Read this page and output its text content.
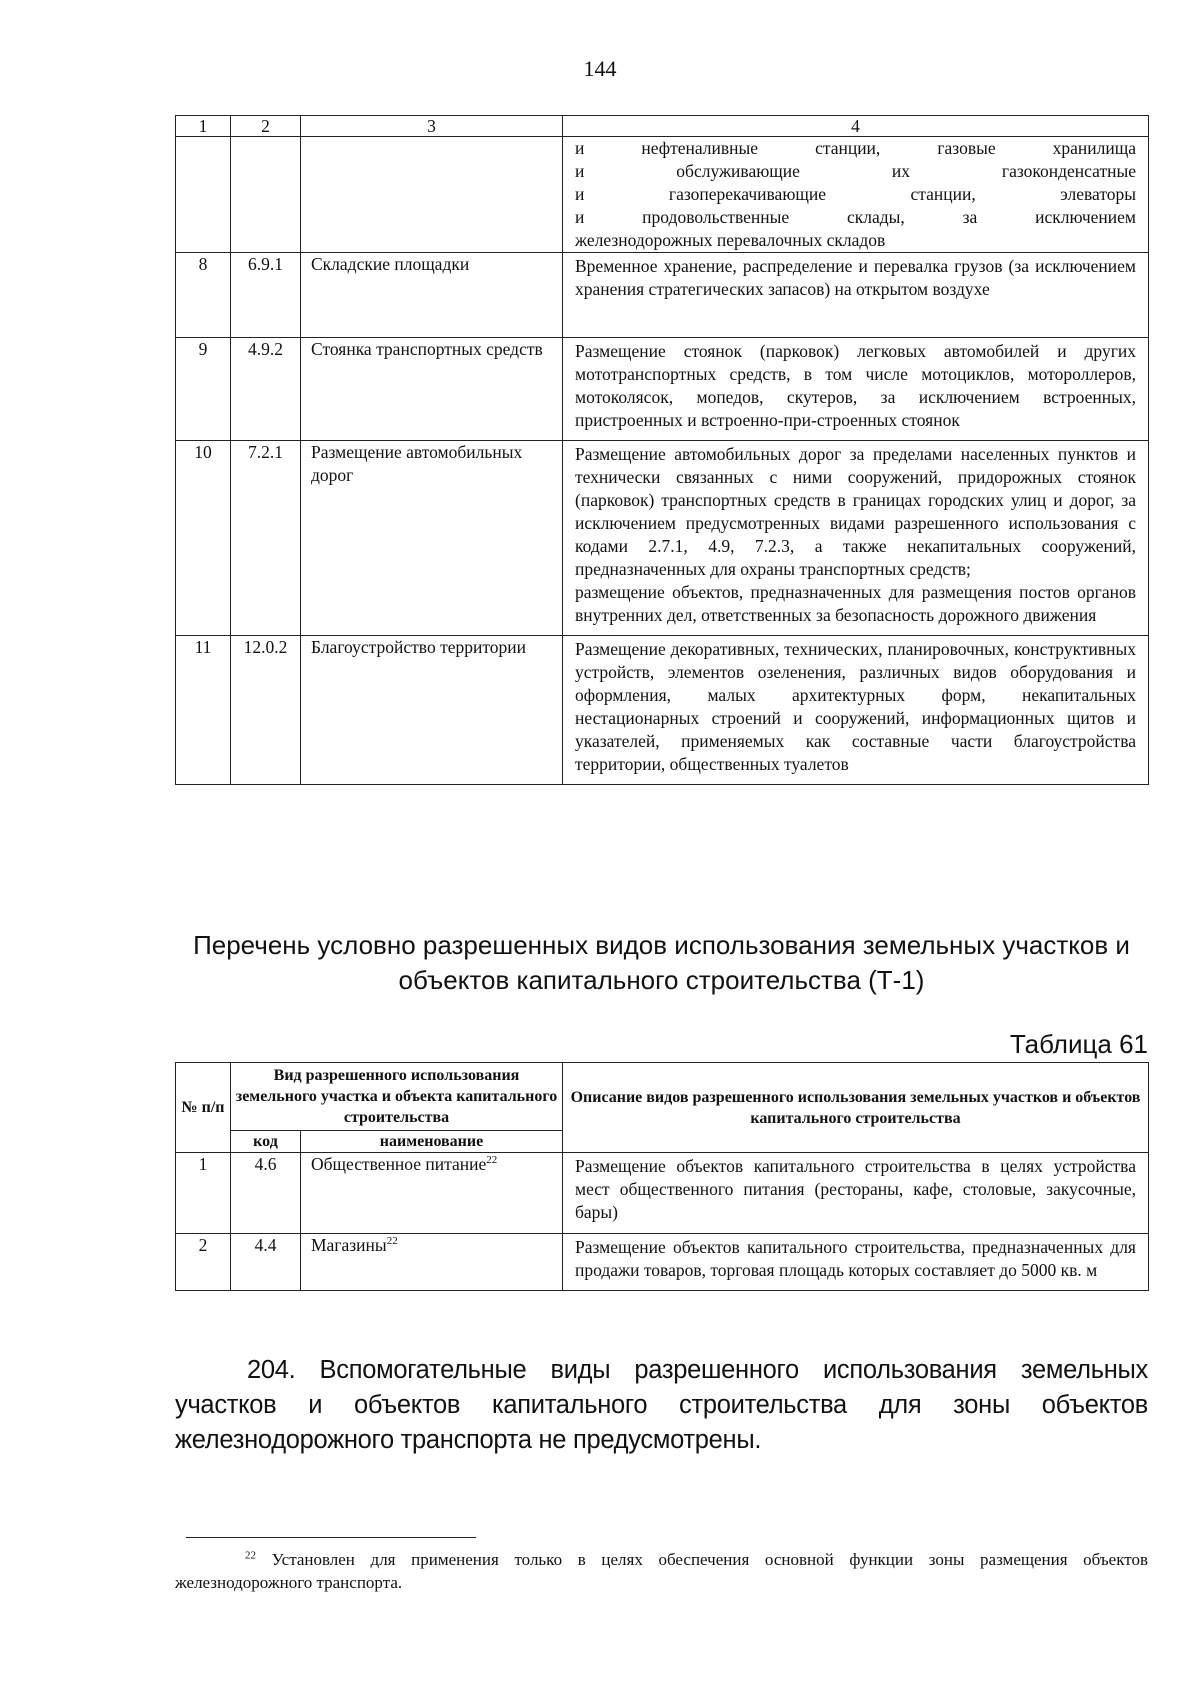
144
1	2	3	4

			и нефтеналивные станции, газовые хранилища
и обслуживающие их газоконденсатные
и газоперекачивающие станции, элеваторы
и продовольственные склады, за исключением
железнодорожных перевалочных складов

8	6.9.1	Складские площадки	Временное хранение, распределение и перевалка грузов (за исключением хранения стратегических запасов) на открытом воздухе
9	4.9.2	Стоянка транспортных средств	Размещение стоянок (парковок) легковых автомобилей и других мототранспортных средств, в том числе мотоциклов, мотороллеров, мотоколясок, мопедов, скутеров, за исключением встроенных, пристроенных и встроенно-при-строенных стоянок
10	7.2.1	Размещение автомобильных дорог	Размещение автомобильных дорог за пределами населенных пунктов и технически связанных с ними сооружений, придорожных стоянок (парковок) транспортных средств в границах городских улиц и дорог, за исключением предусмотренных видами разрешенного использования с кодами 2.7.1, 4.9, 7.2.3, а также некапитальных сооружений, предназначенных для охраны транспортных средств;
размещение объектов, предназначенных для размещения постов органов внутренних дел, ответственных за безопасность дорожного движения

11	12.0.2	Благоустройство территории	Размещение декоративных, технических, планировочных, конструктивных устройств, элементов озеленения, различных видов оборудования и оформления, малых архитектурных форм, некапитальных нестационарных строений и сооружений, информационных щитов и указателей, применяемых как составные части благоустройства территории, общественных туалетов
Перечень условно разрешенных видов использования земельных участков и
объектов капитального строительства (Т-1)
Таблица 61
№ п/п	Вид разрешенного использования земельного участка и объекта капитального строительства		Описание видов разрешенного использования земельных участков и объектов капитального строительства
	код	наименование	
1	4.6	Общественное питание$^{22}$	Размещение объектов капитального строительства в целях устройства мест общественного питания (рестораны, кафе, столовые, закусочные, бары)
2	4.4	Магазины$^{22}$	Размещение объектов капитального строительства, предназначенных для продажи товаров, торговая площадь которых составляет до 5000 кв. м
204. Вспомогательные виды разрешенного использования земельных участков и объектов капитального строительства для зоны объектов железнодорожного транспорта не предусмотрены.
$^{22}$ Установлен для применения только в целях обеспечения основной функции зоны размещения объектов железнодорожного транспорта.
